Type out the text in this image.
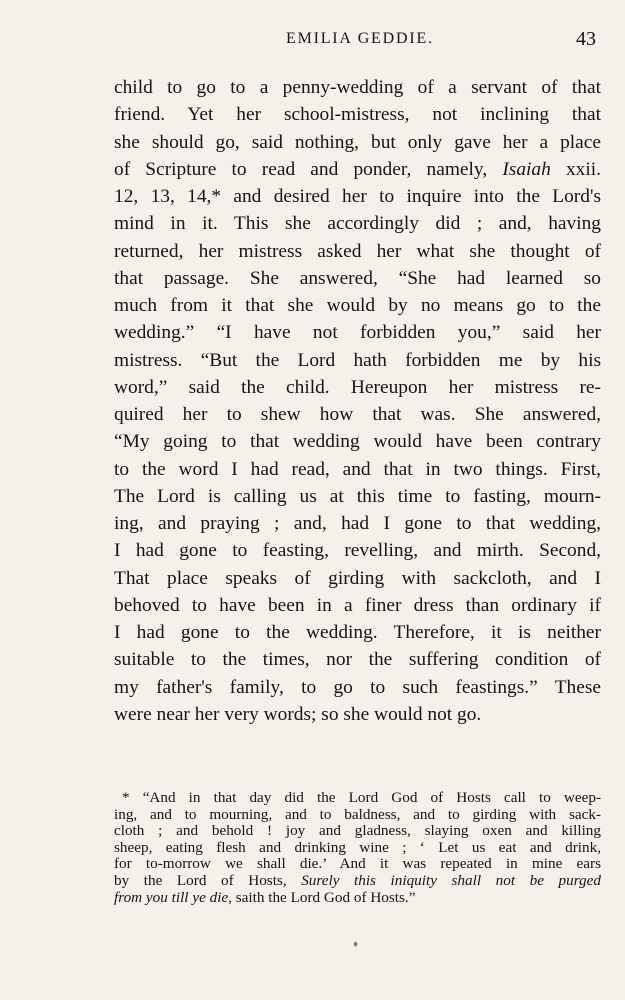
EMILIA GEDDIE.	43
child to go to a penny-wedding of a servant of that
friend. Yet her school-mistress, not inclining that
she should go, said nothing, but only gave her a place
of Scripture to read and ponder, namely, Isaiah xxii.
12, 13, 14,* and desired her to inquire into the Lord's
mind in it. This she accordingly did ; and, having
returned, her mistress asked her what she thought of
that passage. She answered, “She had learned so
much from it that she would by no means go to the
wedding.” “I have not forbidden you,” said her
mistress. “But the Lord hath forbidden me by his
word,” said the child. Hereupon her mistress re-
quired her to shew how that was. She answered,
“My going to that wedding would have been contrary
to the word I had read, and that in two things. First,
The Lord is calling us at this time to fasting, mourn-
ing, and praying ; and, had I gone to that wedding,
I had gone to feasting, revelling, and mirth. Second,
That place speaks of girding with sackcloth, and I
behoved to have been in a finer dress than ordinary if
I had gone to the wedding. Therefore, it is neither
suitable to the times, nor the suffering condition of
my father's family, to go to such feastings.” These
were near her very words; so she would not go.
* “And in that day did the Lord God of Hosts call to weep-
ing, and to mourning, and to baldness, and to girding with sack-
cloth ; and behold ! joy and gladness, slaying oxen and killing
sheep, eating flesh and drinking wine ; ‘ Let us eat and drink,
for to-morrow we shall die.’ And it was repeated in mine ears
by the Lord of Hosts, Surely this iniquity shall not be purged
from you till ye die, saith the Lord God of Hosts.”
♦
